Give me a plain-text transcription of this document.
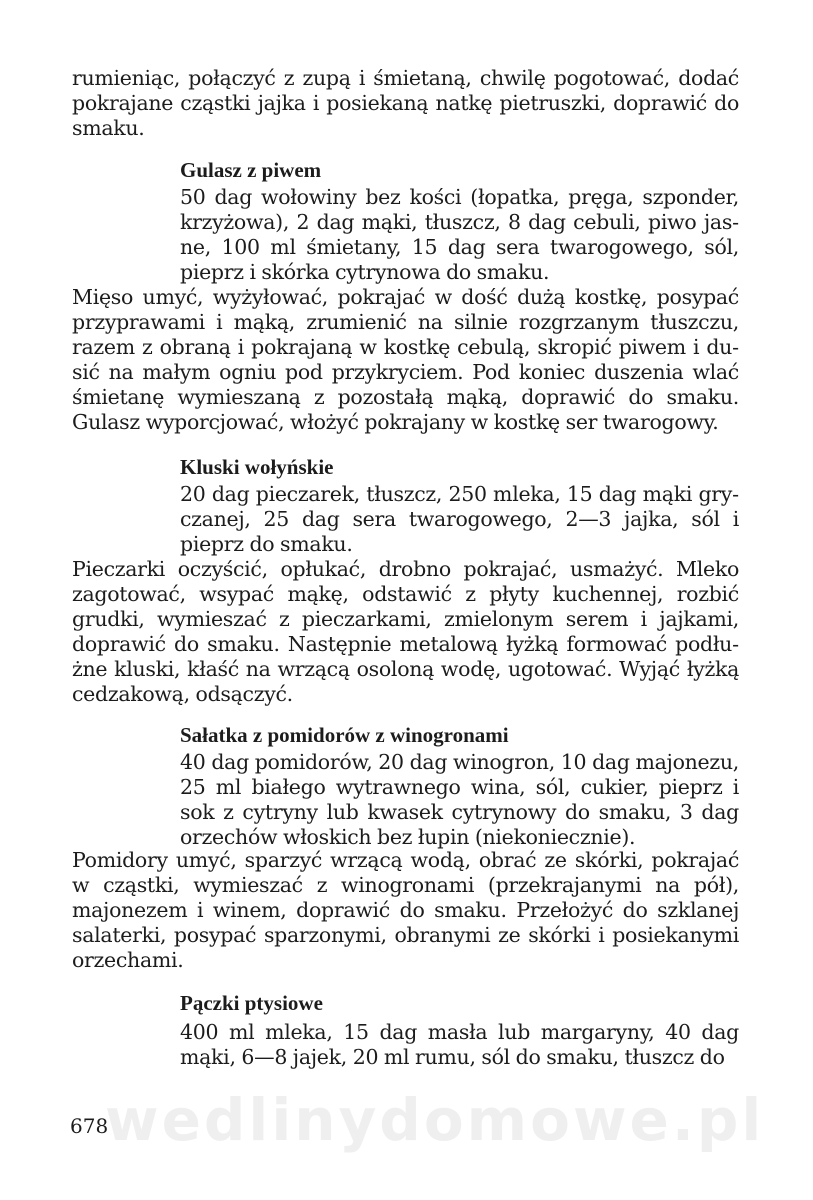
wedlinydomowe.pl

rumieniąc, połączyć z zupą i śmietaną, chwilę pogotować, dodać pokrajane cząstki jajka i posiekaną natkę pietruszki, doprawić do smaku.

Gulasz z piwem

50 dag wołowiny bez kości (łopatka, pręga, szponder, krzyżowa), 2 dag mąki, tłuszcz, 8 dag cebuli, piwo jasne, 100 ml śmietany, 15 dag sera twarogowego, sól, pieprz i skórka cytrynowa do smaku.

Mięso umyć, wyżyłować, pokrajać w dość dużą kostkę, posypać przyprawami i mąką, zrumienić na silnie rozgrzanym tłuszczu, razem z obraną i pokrajaną w kostkę cebulą, skropić piwem i dusić na małym ogniu pod przykryciem. Pod koniec duszenia wlać śmietanę wymieszaną z pozostałą mąką, doprawić do smaku. Gulasz wyporcjować, włożyć pokrajany w kostkę ser twarogowy.

Kluski wołyńskie

20 dag pieczarek, tłuszcz, 250 mleka, 15 dag mąki gryczanej, 25 dag sera twarogowego, 2—3 jajka, sól i pieprz do smaku.

Pieczarki oczyścić, opłukać, drobno pokrajać, usmażyć. Mleko zagotować, wsypać mąkę, odstawić z płyty kuchennej, rozbić grudki, wymieszać z pieczarkami, zmielonym serem i jajkami, doprawić do smaku. Następnie metalową łyżką formować podłużne kluski, kłaść na wrzącą osoloną wodę, ugotować. Wyjąć łyżką cedzakową, odsączyć.

Sałatka z pomidorów z winogronami

40 dag pomidorów, 20 dag winogron, 10 dag majonezu, 25 ml białego wytrawnego wina, sól, cukier, pieprz i sok z cytryny lub kwasek cytrynowy do smaku, 3 dag orzechów włoskich bez łupin (niekoniecznie).

Pomidory umyć, sparzyć wrzącą wodą, obrać ze skórki, pokrajać w cząstki, wymieszać z winogronami (przekrajanymi na pół), majonezem i winem, doprawić do smaku. Przełożyć do szklanej salaterki, posypać sparzonymi, obranymi ze skórki i posiekanymi orzechami.

Pączki ptysiowe

400 ml mleka, 15 dag masła lub margaryny, 40 dag mąki, 6—8 jajek, 20 ml rumu, sól do smaku, tłuszcz do

678
